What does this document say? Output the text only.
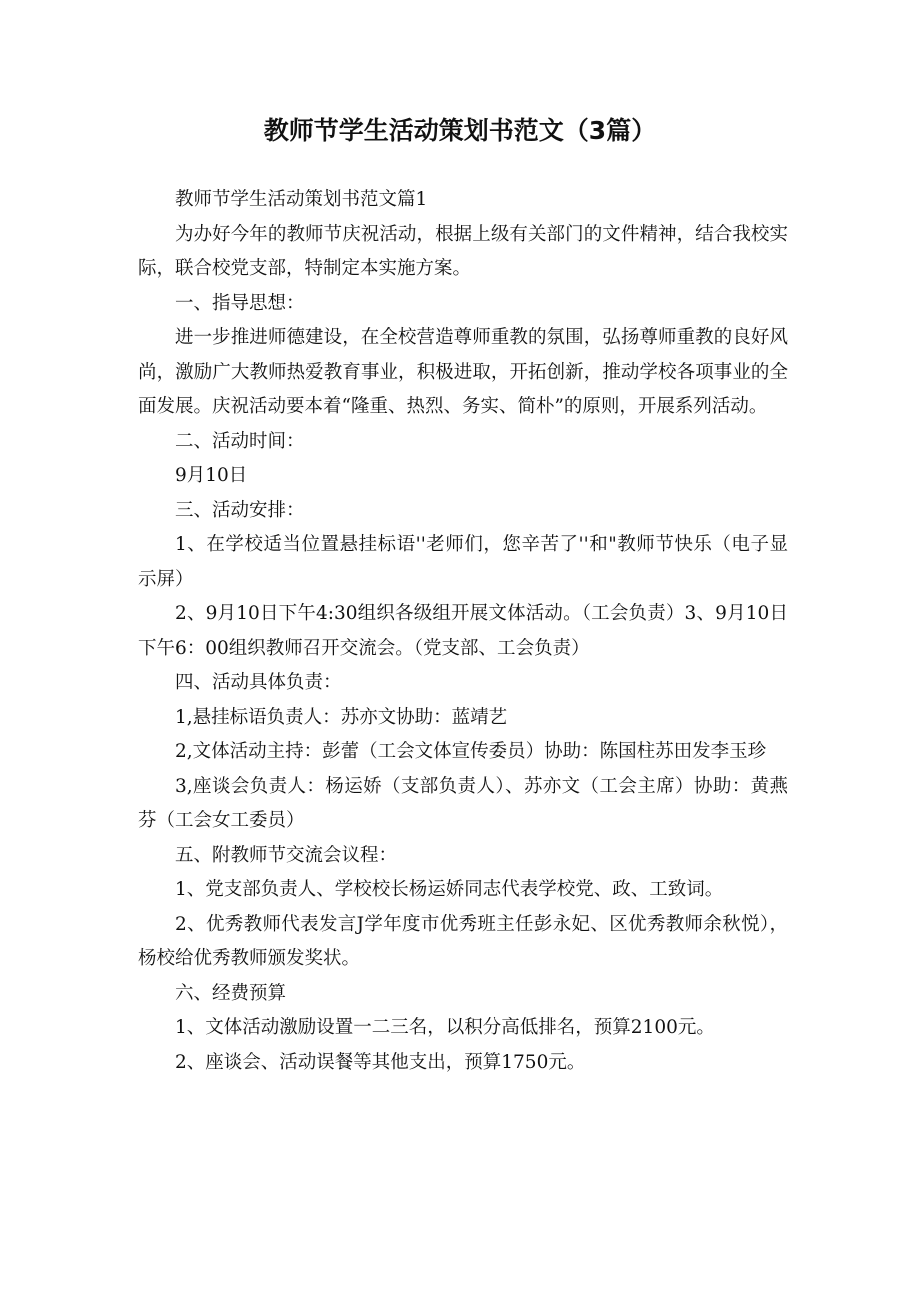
教师节学生活动策划书范文（3篇）

教师节学生活动策划书范文篇1

为办好今年的教师节庆祝活动，根据上级有关部门的文件精神，结合我校实际，联合校党支部，特制定本实施方案。

一、指导思想：

进一步推进师德建设，在全校营造尊师重教的氛围，弘扬尊师重教的良好风尚，激励广大教师热爱教育事业，积极进取，开拓创新，推动学校各项事业的全面发展。庆祝活动要本着“隆重、热烈、务实、简朴”的原则，开展系列活动。

二、活动时间：

9月10日

三、活动安排：

1、在学校适当位置悬挂标语''老师们，您辛苦了''和"教师节快乐（电子显示屏）

2、9月10日下午4:30组织各级组开展文体活动。（工会负责）3、9月10日下午6：00组织教师召开交流会。（党支部、工会负责）

四、活动具体负责：

1,悬挂标语负责人：苏亦文协助：蓝靖艺

2,文体活动主持：彭蕾（工会文体宣传委员）协助：陈国柱苏田发李玉珍

3,座谈会负责人：杨运娇（支部负责人）、苏亦文（工会主席）协助：黄燕芬（工会女工委员）

五、附教师节交流会议程：

1、党支部负责人、学校校长杨运娇同志代表学校党、政、工致词。

2、优秀教师代表发言J学年度市优秀班主任彭永妃、区优秀教师余秋悦），杨校给优秀教师颁发奖状。

六、经费预算

1、文体活动激励设置一二三名，以积分高低排名，预算2100元。

2、座谈会、活动误餐等其他支出，预算1750元。
